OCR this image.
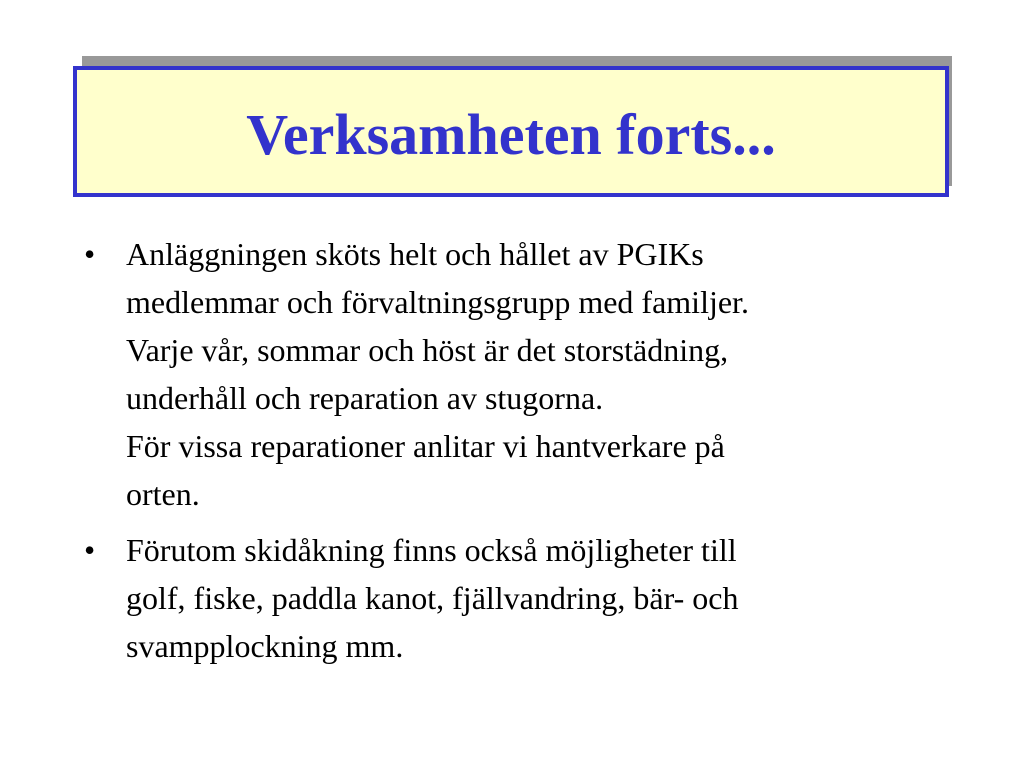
Verksamheten forts...
• Anläggningen sköts helt och hållet av PGIKs
medlemmar och förvaltningsgrupp med familjer.
Varje vår, sommar och höst är det storstädning,
underhåll och reparation av stugorna.
För vissa reparationer anlitar vi hantverkare på
orten.
• Förutom skidåkning finns också möjligheter till
golf, fiske, paddla kanot, fjällvandring, bär- och
svampplockning mm.
